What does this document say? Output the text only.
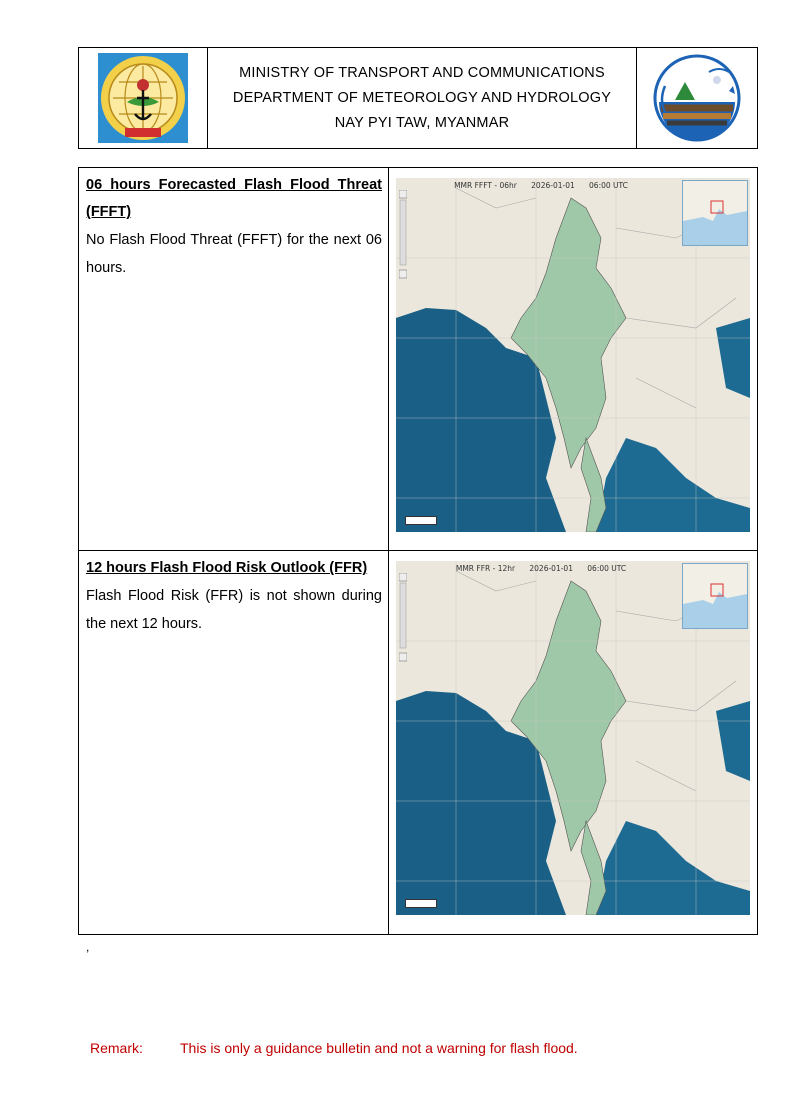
MINISTRY OF TRANSPORT AND COMMUNICATIONS
DEPARTMENT OF METEOROLOGY AND HYDROLOGY
NAY PYI TAW, MYANMAR
06 hours Forecasted Flash Flood Threat
(FFFT)
No Flash Flood Threat (FFFT) for the next 06 hours.
MMR FFFT - 06hr      2026-01-01      06:00 UTC
12 hours Flash Flood Risk Outlook (FFR)
Flash Flood Risk (FFR) is not shown during the next 12 hours.
MMR FFR - 12hr      2026-01-01      06:00 UTC
,
Remark:	This is only a guidance bulletin and not a warning for flash flood.
